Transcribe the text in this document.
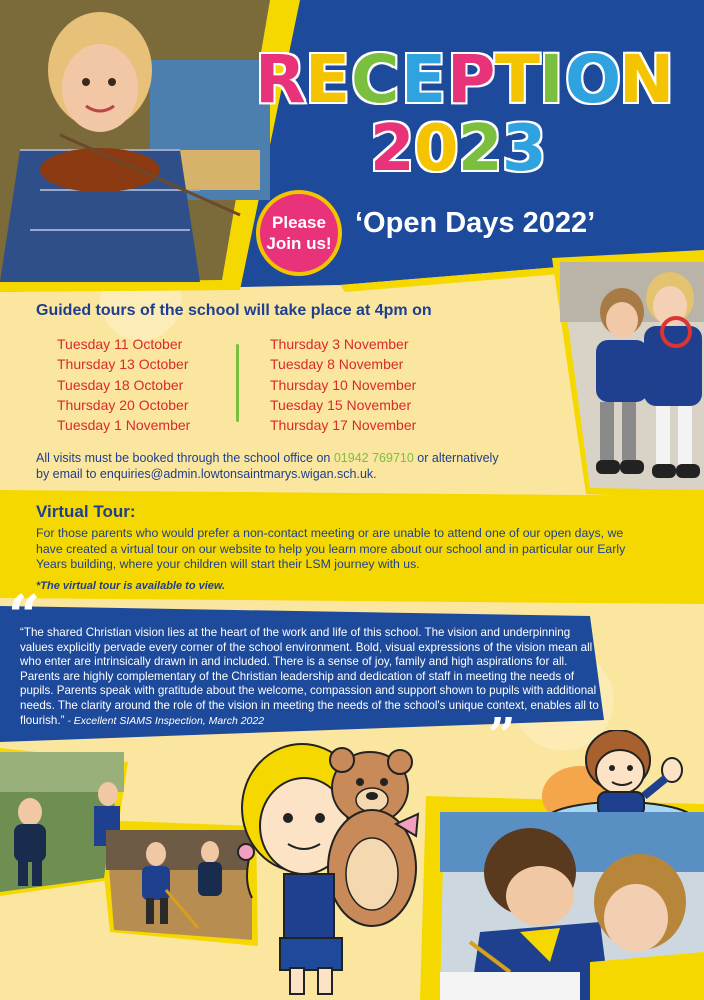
R E C E P T
I O
N
2 0 2 3
Please
Join us!
‘Open Days 2022’
Guided tours of the school will take place at 4pm on
Tuesday 11 October
Thursday 13 October
Tuesday 18 October
Thursday 20 October
Tuesday 1 November
Thursday 3 November
Tuesday 8 November
Thursday 10 November
Tuesday 15 November
Thursday 17 November
All visits must be booked through the school office on 01942 769710 or alternatively
by email to enquiries@admin.lowtonsaintmarys.wigan.sch.uk.
Virtual Tour:
For those parents who would prefer a non-contact meeting or are unable to attend one of our open days, we have created a virtual tour on our website to help you learn more about our school and in particular our Early Years building, where your children will start their LSM journey with us.
*The virtual tour is available to view.
“
“The shared Christian vision lies at the heart of the work and life of this school. The vision and underpinning values explicitly pervade every corner of the school environment. Bold, visual expressions of the vision mean all who enter are intrinsically drawn in and included. There is a sense of joy, family and high aspirations for all. Parents are highly complementary of the Christian leadership and dedication of staff in meeting the needs of pupils. Parents speak with gratitude about the welcome, compassion and support shown to pupils with additional needs. The clarity around the role of the vision in meeting the needs of the school's unique context, enables all to flourish.” - Excellent SIAMS Inspection, March 2022	”
